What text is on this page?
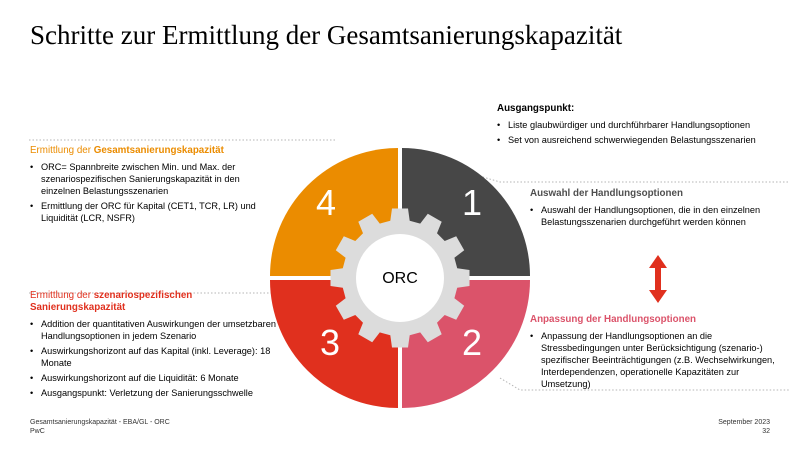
Schritte zur Ermittlung der Gesamtsanierungskapazität
1
2
3
4
ORC
Ausgangspunkt:
• Liste glaubwürdiger und durchführbarer Handlungsoptionen
• Set von ausreichend schwerwiegenden Belastungsszenarien
Auswahl der Handlungsoptionen
• Auswahl der Handlungsoptionen, die in den einzelnen Belastungsszenarien durchgeführt werden können
Anpassung der Handlungsoptionen
• Anpassung der Handlungsoptionen an die Stressbedingungen unter Berücksichtigung (szenario-) spezifischer Beeinträchtigungen (z.B. Wechselwirkungen, Interdependenzen, operationelle Kapazitäten zur Umsetzung)
Ermittlung der Gesamtsanierungskapazität
• ORC= Spannbreite zwischen Min. und Max. der szenariospezifischen Sanierungskapazität in den einzelnen Belastungsszenarien
• Ermittlung der ORC für Kapital (CET1, TCR, LR) und Liquidität (LCR, NSFR)
Ermittlung der szenariospezifischen Sanierungskapazität
• Addition der quantitativen Auswirkungen der umsetzbaren Handlungsoptionen in jedem Szenario
• Auswirkungshorizont auf das Kapital (inkl. Leverage): 18 Monate
• Auswirkungshorizont auf die Liquidität: 6 Monate
• Ausgangspunkt: Verletzung der Sanierungsschwelle
Gesamtsanierungskapazität - EBA/GL - ORC
PwC
September 2023
32
